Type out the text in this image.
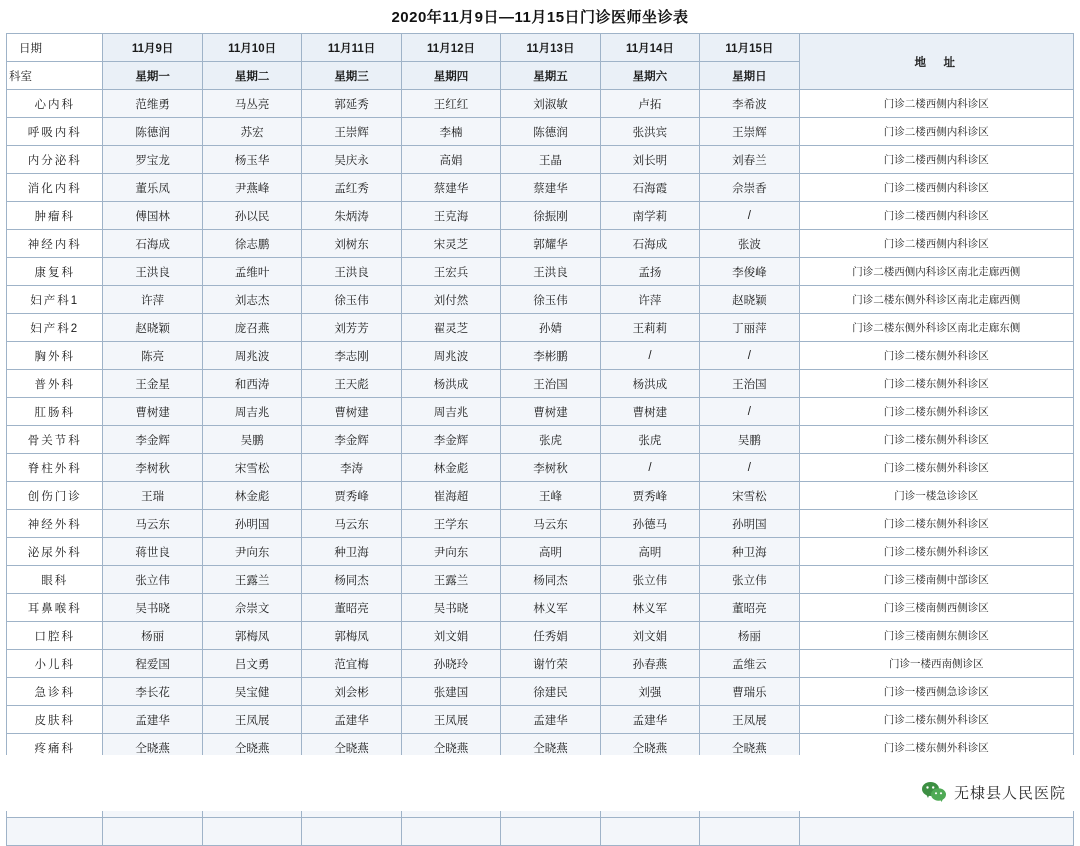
2020年11月9日—11月15日门诊医师坐诊表
日期	11月9日	11月10日	11月11日	11月12日	11月13日	11月14日	11月15日	地　址
科室	星期一	星期二	星期三	星期四	星期五	星期六	星期日	
心内科	范维勇	马丛亮	郭延秀	王红红	刘淑敏	卢拓	李希波	门诊二楼西侧内科诊区
呼吸内科	陈德润	苏宏	王崇辉	李楠	陈德润	张洪宾	王崇辉	门诊二楼西侧内科诊区
内分泌科	罗宝龙	杨玉华	吴庆永	高娟	王晶	刘长明	刘春兰	门诊二楼西侧内科诊区
消化内科	董乐凤	尹燕峰	孟红秀	蔡建华	蔡建华	石海霞	佘崇香	门诊二楼西侧内科诊区
肿瘤科	傅国林	孙以民	朱炳涛	王克海	徐振刚	南学莉	/	门诊二楼西侧内科诊区
神经内科	石海成	徐志鹏	刘树东	宋灵芝	郭耀华	石海成	张波	门诊二楼西侧内科诊区
康复科	王洪良	孟维叶	王洪良	王宏兵	王洪良	孟扬	李俊峰	门诊二楼西侧内科诊区南北走廊西侧
妇产科1	许萍	刘志杰	徐玉伟	刘付然	徐玉伟	许萍	赵晓颖	门诊二楼东侧外科诊区南北走廊西侧
妇产科2	赵晓颖	庞召燕	刘芳芳	翟灵芝	孙婧	王莉莉	丁丽萍	门诊二楼东侧外科诊区南北走廊东侧
胸外科	陈亮	周兆波	李志刚	周兆波	李彬鹏	/	/	门诊二楼东侧外科诊区
普外科	王金星	和西涛	王天彪	杨洪成	王治国	杨洪成	王治国	门诊二楼东侧外科诊区
肛肠科	曹树建	周吉兆	曹树建	周吉兆	曹树建	曹树建	/	门诊二楼东侧外科诊区
骨关节科	李金辉	吴鹏	李金辉	李金辉	张虎	张虎	吴鹏	门诊二楼东侧外科诊区
脊柱外科	李树秋	宋雪松	李涛	林金彪	李树秋	/	/	门诊二楼东侧外科诊区
创伤门诊	王瑞	林金彪	贾秀峰	崔海超	王峰	贾秀峰	宋雪松	门诊一楼急诊诊区
神经外科	马云东	孙明国	马云东	王学东	马云东	孙德马	孙明国	门诊二楼东侧外科诊区
泌尿外科	蒋世良	尹向东	种卫海	尹向东	高明	高明	种卫海	门诊二楼东侧外科诊区
眼科	张立伟	王露兰	杨同杰	王露兰	杨同杰	张立伟	张立伟	门诊三楼南侧中部诊区
耳鼻喉科	吴书晓	佘崇文	董昭亮	吴书晓	林义军	林义军	董昭亮	门诊三楼南侧西侧诊区
口腔科	杨丽	郭梅凤	郭梅凤	刘文娟	任秀娟	刘文娟	杨丽	门诊三楼南侧东侧诊区
小儿科	程爱国	吕文勇	范宜梅	孙晓玲	谢竹荣	孙春燕	孟维云	门诊一楼西南侧诊区
急诊科	李长花	吴宝健	刘会彬	张建国	徐建民	刘强	曹瑞乐	门诊一楼西侧急诊诊区
皮肤科	孟建华	王凤展	孟建华	王凤展	孟建华	孟建华	王凤展	门诊二楼东侧外科诊区
疼痛科	仝晓燕	仝晓燕	仝晓燕	仝晓燕	仝晓燕	仝晓燕	仝晓燕	门诊二楼东侧外科诊区

无棣县人民医院
